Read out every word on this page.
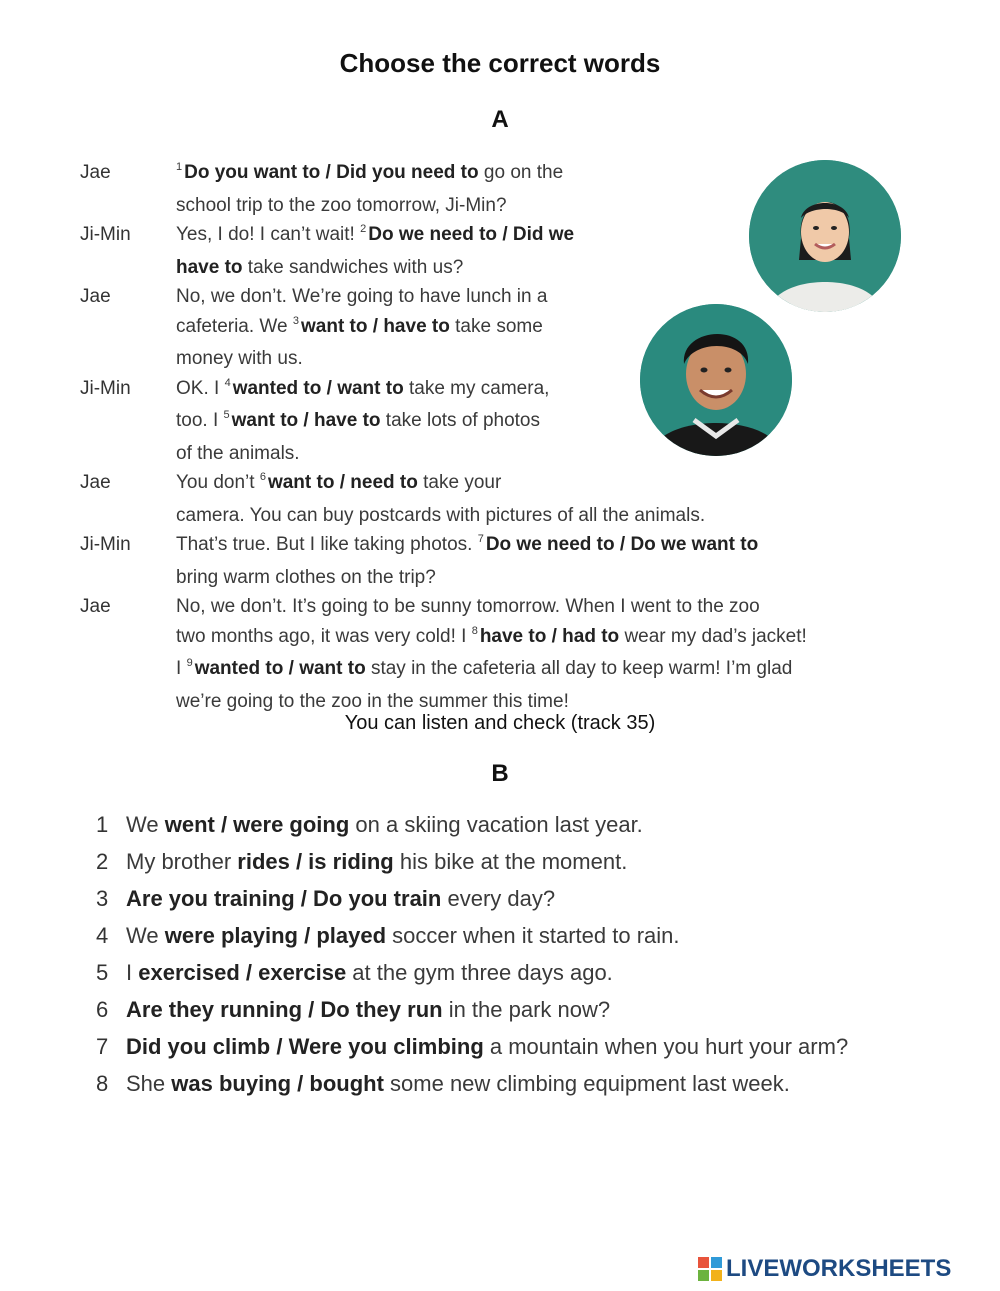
Choose the correct words
A
Jae	$^1$ Do you want to / Did you need to go on the
school trip to the zoo tomorrow, Ji-Min?
Ji-Min Yes, I do! I can’t wait! $^2$ Do we need to / Did we
have to take sandwiches with us?
Jae	No, we don’t. We’re going to have lunch in a
cafeteria. We $^3$ want to / have to take some
money with us.
Ji-Min OK. I $^4$ wanted to / want to take my camera,
too. I $^5$ want to / have to take lots of photos
of the animals.
Jae	You don’t $^6$ want to / need to take your
camera. You can buy postcards with pictures of all the animals.
Ji-Min That’s true. But I like taking photos. $^7$ Do we need to / Do we want to
bring warm clothes on the trip?
Jae	No, we don’t. It’s going to be sunny tomorrow. When I went to the zoo
two months ago, it was very cold! I $^8$ have to / had to wear my dad’s jacket!
I $^9$ wanted to / want to stay in the cafeteria all day to keep warm! I’m glad
we’re going to the zoo in the summer this time!
You can listen and check (track 35)
B
1 We went / were going on a skiing vacation last year.
2 My brother rides / is riding his bike at the moment.
3 Are you training / Do you train every day?
4 We were playing / played soccer when it started to rain.
5 I exercised / exercise at the gym three days ago.
6 Are they running / Do they run in the park now?
7 Did you climb / Were you climbing a mountain when you hurt your arm?
8 She was buying / bought some new climbing equipment last week.
LIVEWORKSHEETS
